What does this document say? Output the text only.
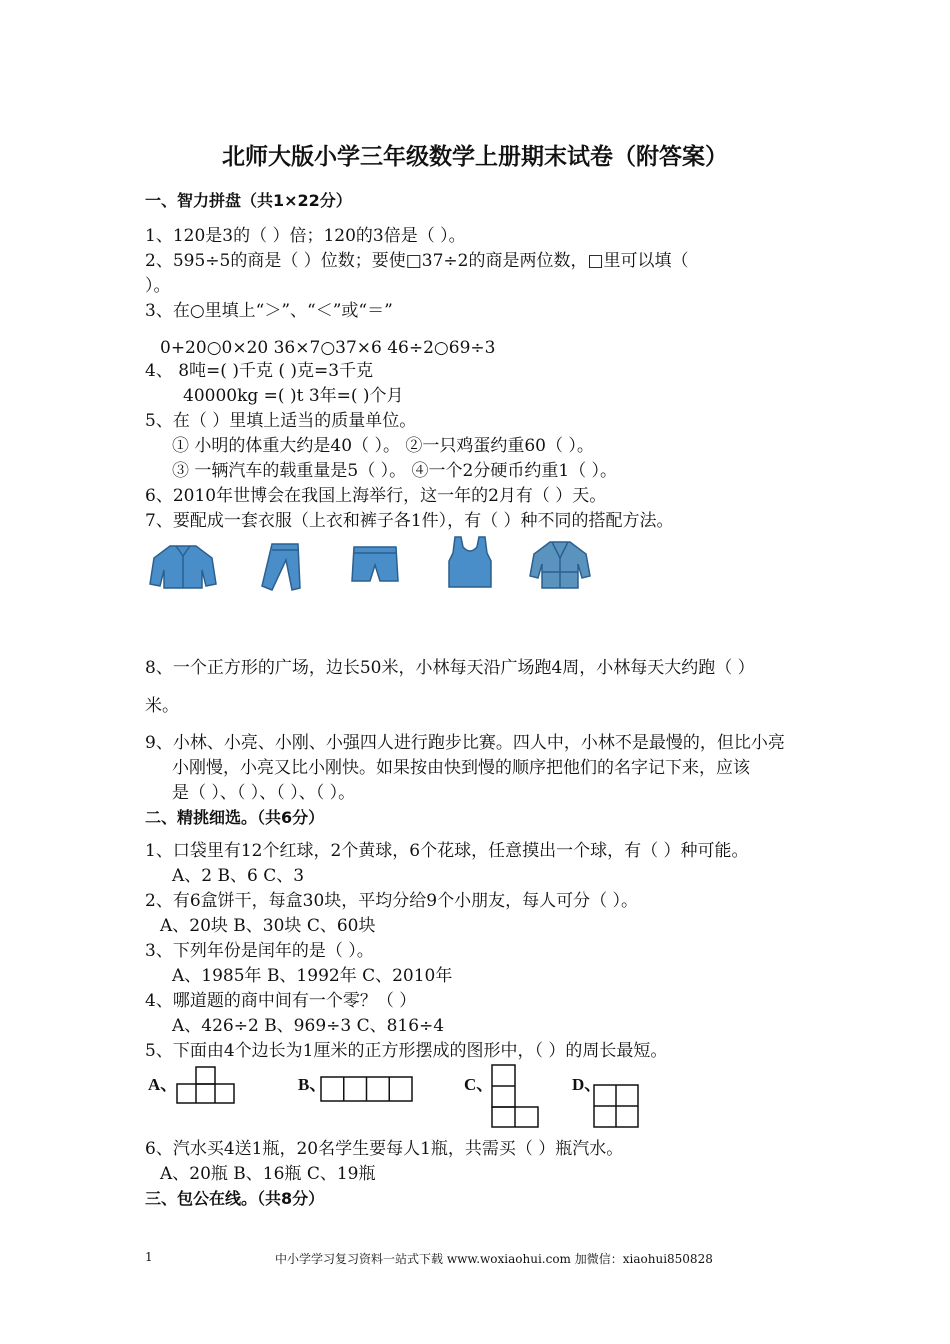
北师大版小学三年级数学上册期末试卷（附答案）
一、智力拼盘（共1×22分）
1、120是3的（ ）倍；120的3倍是（ ）。
2、595÷5的商是（ ）位数；要使□37÷2的商是两位数，□里可以填（
）。
3、在○里填上“＞”、“＜”或“＝”
0+20○0×20 36×7○37×6 46÷2○69÷3
4、 8吨=( )千克 ( )克=3千克
40000kg =( )t 3年=( )个月
5、在（ ）里填上适当的质量单位。
① 小明的体重大约是40（ ）。 ②一只鸡蛋约重60（ ）。
③ 一辆汽车的载重量是5（ ）。 ④一个2分硬币约重1（ ）。
6、2010年世博会在我国上海举行，这一年的2月有（ ）天。
7、要配成一套衣服（上衣和裤子各1件），有（ ）种不同的搭配方法。
8、一个正方形的广场，边长50米，小林每天沿广场跑4周，小林每天大约跑（ ）
米。
9、小林、小亮、小刚、小强四人进行跑步比赛。四人中，小林不是最慢的，但比小亮
小刚慢，小亮又比小刚快。如果按由快到慢的顺序把他们的名字记下来，应该
是（ ）、（ ）、（ ）、（ ）。
二、精挑细选。（共6分）
1、口袋里有12个红球，2个黄球，6个花球，任意摸出一个球，有（ ）种可能。
A、2 B、6 C、3
2、有6盒饼干，每盒30块，平均分给9个小朋友，每人可分（ ）。
A、20块 B、30块 C、60块
3、下列年份是闰年的是（ ）。
A、1985年 B、1992年 C、2010年
4、哪道题的商中间有一个零？（ ）
A、426÷2 B、969÷3 C、816÷4
5、下面由4个边长为1厘米的正方形摆成的图形中，（ ）的周长最短。
A、	B、	C、	D、
6、汽水买4送1瓶，20名学生要每人1瓶，共需买（ ）瓶汽水。
A、20瓶 B、16瓶 C、19瓶
三、包公在线。（共8分）
1	中小学学习复习资料一站式下载 www.woxiaohui.com 加微信：xiaohui850828
